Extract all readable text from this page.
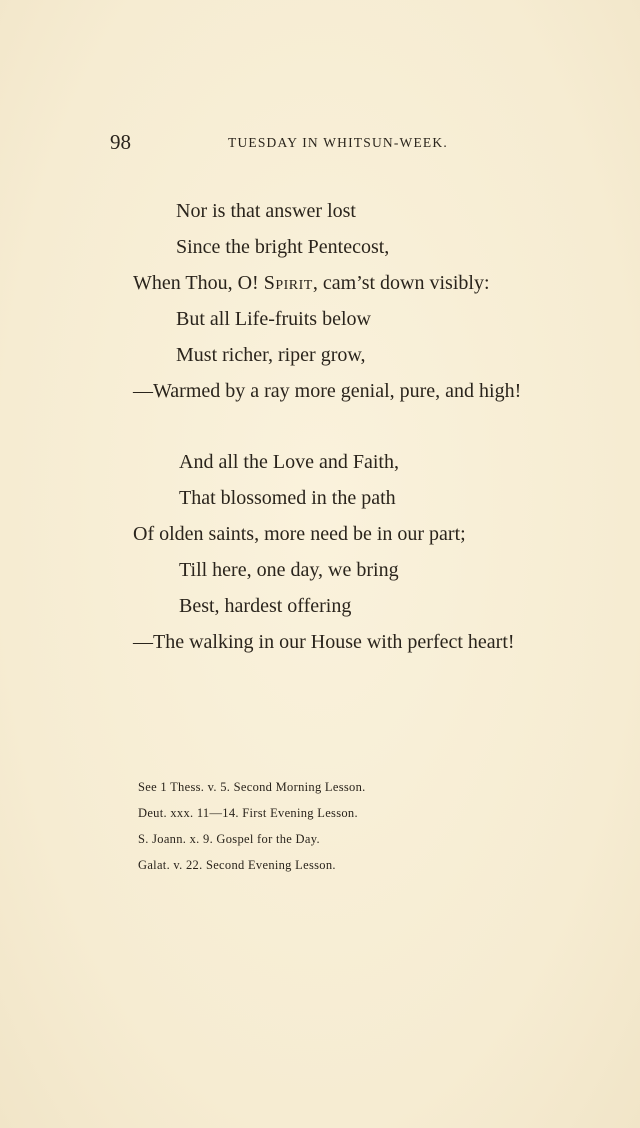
98	TUESDAY IN WHITSUN-WEEK.
Nor is that answer lost
Since the bright Pentecost,
When Thou, O! Spirit, cam’st down visibly:
But all Life-fruits below
Must richer, riper grow,
—Warmed by a ray more genial, pure, and high!
And all the Love and Faith,
That blossomed in the path
Of olden saints, more need be in our part;
Till here, one day, we bring
Best, hardest offering
—The walking in our House with perfect heart!
See 1 Thess. v. 5. Second Morning Lesson.
Deut. xxx. 11—14. First Evening Lesson.
S. Joann. x. 9. Gospel for the Day.
Galat. v. 22. Second Evening Lesson.
